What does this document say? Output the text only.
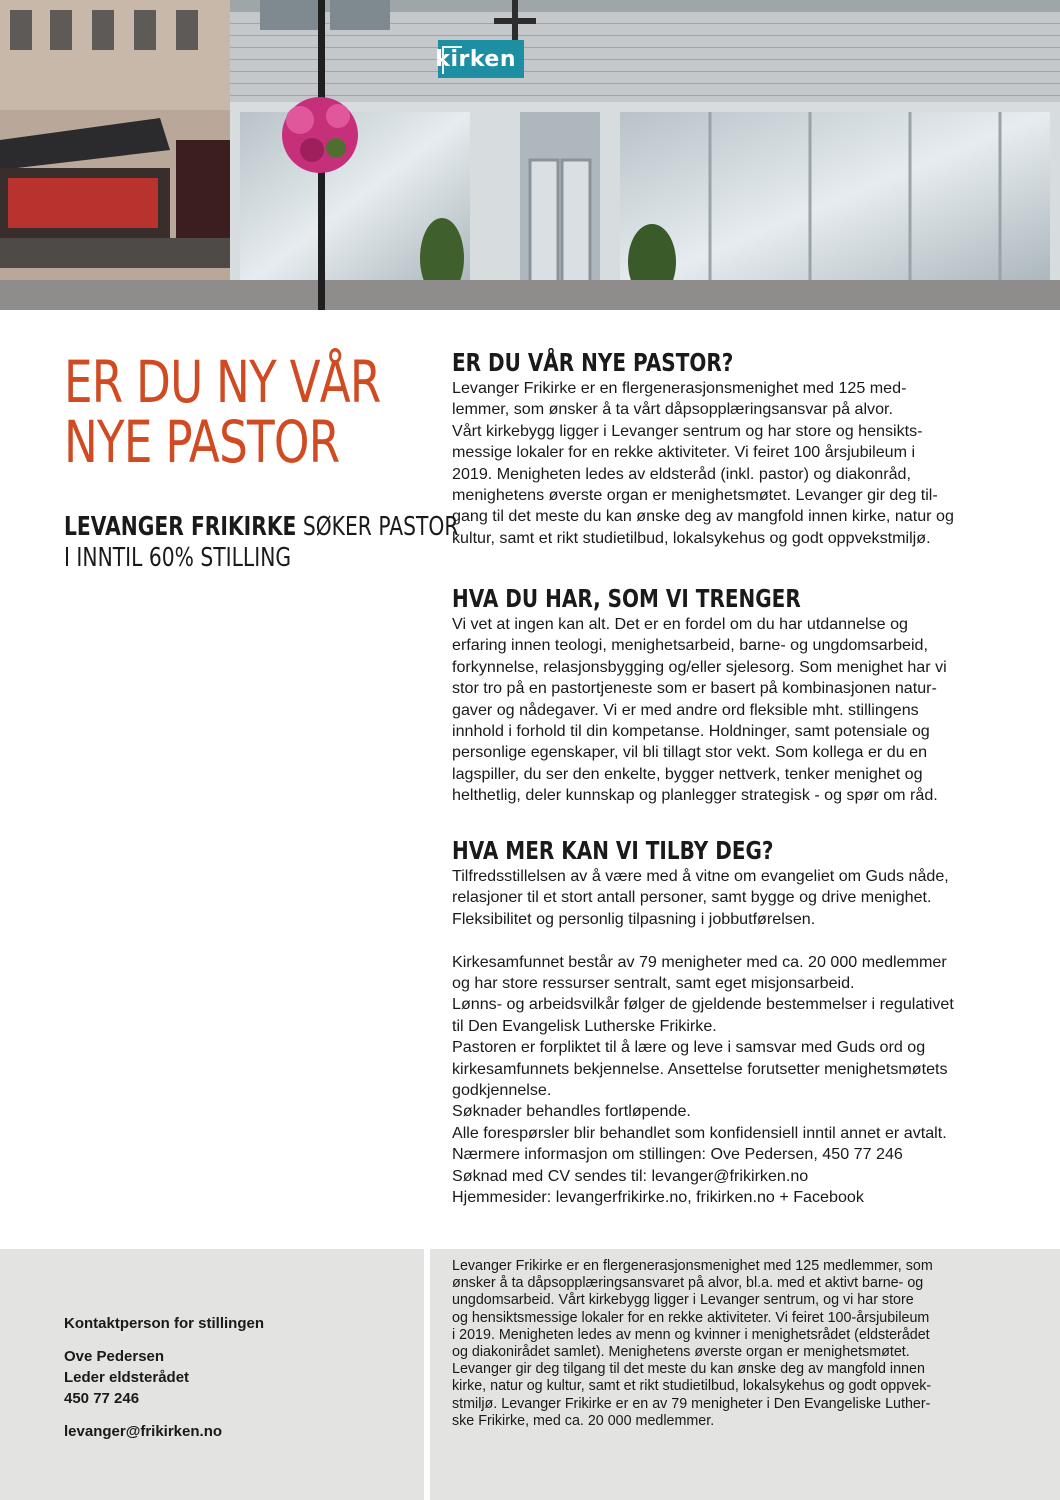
kirken
ER DU NY VÅR
NYE PASTOR
LEVANGER FRIKIRKE SØKER PASTOR
I INNTIL 60% STILLING
ER DU VÅR NYE PASTOR?

Levanger Frikirke er en flergenerasjonsmenighet med 125 med-
lemmer, som ønsker å ta vårt dåpsopplæringsansvar på alvor.
Vårt kirkebygg ligger i Levanger sentrum og har store og hensikts-
messige lokaler for en rekke aktiviteter. Vi feiret 100 årsjubileum i
2019. Menigheten ledes av eldsteråd (inkl. pastor) og diakonråd,
menighetens øverste organ er menighetsmøtet. Levanger gir deg til-
gang til det meste du kan ønske deg av mangfold innen kirke, natur og
kultur, samt et rikt studietilbud, lokalsykehus og godt oppvekstmiljø.

HVA DU HAR, SOM VI TRENGER

Vi vet at ingen kan alt. Det er en fordel om du har utdannelse og
erfaring innen teologi, menighetsarbeid, barne- og ungdomsarbeid,
forkynnelse, relasjonsbygging og/eller sjelesorg. Som menighet har vi
stor tro på en pastortjeneste som er basert på kombinasjonen natur-
gaver og nådegaver. Vi er med andre ord fleksible mht. stillingens
innhold i forhold til din kompetanse. Holdninger, samt potensiale og
personlige egenskaper, vil bli tillagt stor vekt. Som kollega er du en
lagspiller, du ser den enkelte, bygger nettverk, tenker menighet og
helthetlig, deler kunnskap og planlegger strategisk - og spør om råd.

HVA MER KAN VI TILBY DEG?

Tilfredsstillelsen av å være med å vitne om evangeliet om Guds nåde,
relasjoner til et stort antall personer, samt bygge og drive menighet.
Fleksibilitet og personlig tilpasning i jobbutførelsen.
Kirkesamfunnet består av 79 menigheter med ca. 20 000 medlemmer
og har store ressurser sentralt, samt eget misjonsarbeid.
Lønns- og arbeidsvilkår følger de gjeldende bestemmelser i regulativet
til Den Evangelisk Lutherske Frikirke.
Pastoren er forpliktet til å lære og leve i samsvar med Guds ord og
kirkesamfunnets bekjennelse. Ansettelse forutsetter menighetsmøtets
godkjennelse.
Søknader behandles fortløpende.
Alle forespørsler blir behandlet som konfidensiell inntil annet er avtalt.
Nærmere informasjon om stillingen: Ove Pedersen, 450 77 246
Søknad med CV sendes til: levanger@frikirken.no
Hjemmesider: levangerfrikirke.no, frikirken.no + Facebook

Kontaktperson for stillingen
Ove Pedersen
Leder eldsterådet
450 77 246
levanger@frikirken.no

Levanger Frikirke er en flergenerasjonsmenighet med 125 medlemmer, som
ønsker å ta dåpsopplæringsansvaret på alvor, bl.a. med et aktivt barne- og
ungdomsarbeid. Vårt kirkebygg ligger i Levanger sentrum, og vi har store
og hensiktsmessige lokaler for en rekke aktiviteter. Vi feiret 100-årsjubileum
i 2019. Menigheten ledes av menn og kvinner i menighetsrådet (eldsterådet
og diakonirådet samlet). Menighetens øverste organ er menighetsmøtet.
Levanger gir deg tilgang til det meste du kan ønske deg av mangfold innen
kirke, natur og kultur, samt et rikt studietilbud, lokalsykehus og godt oppvek-
stmiljø. Levanger Frikirke er en av 79 menigheter i Den Evangeliske Luther-
ske Frikirke, med ca. 20 000 medlemmer.
